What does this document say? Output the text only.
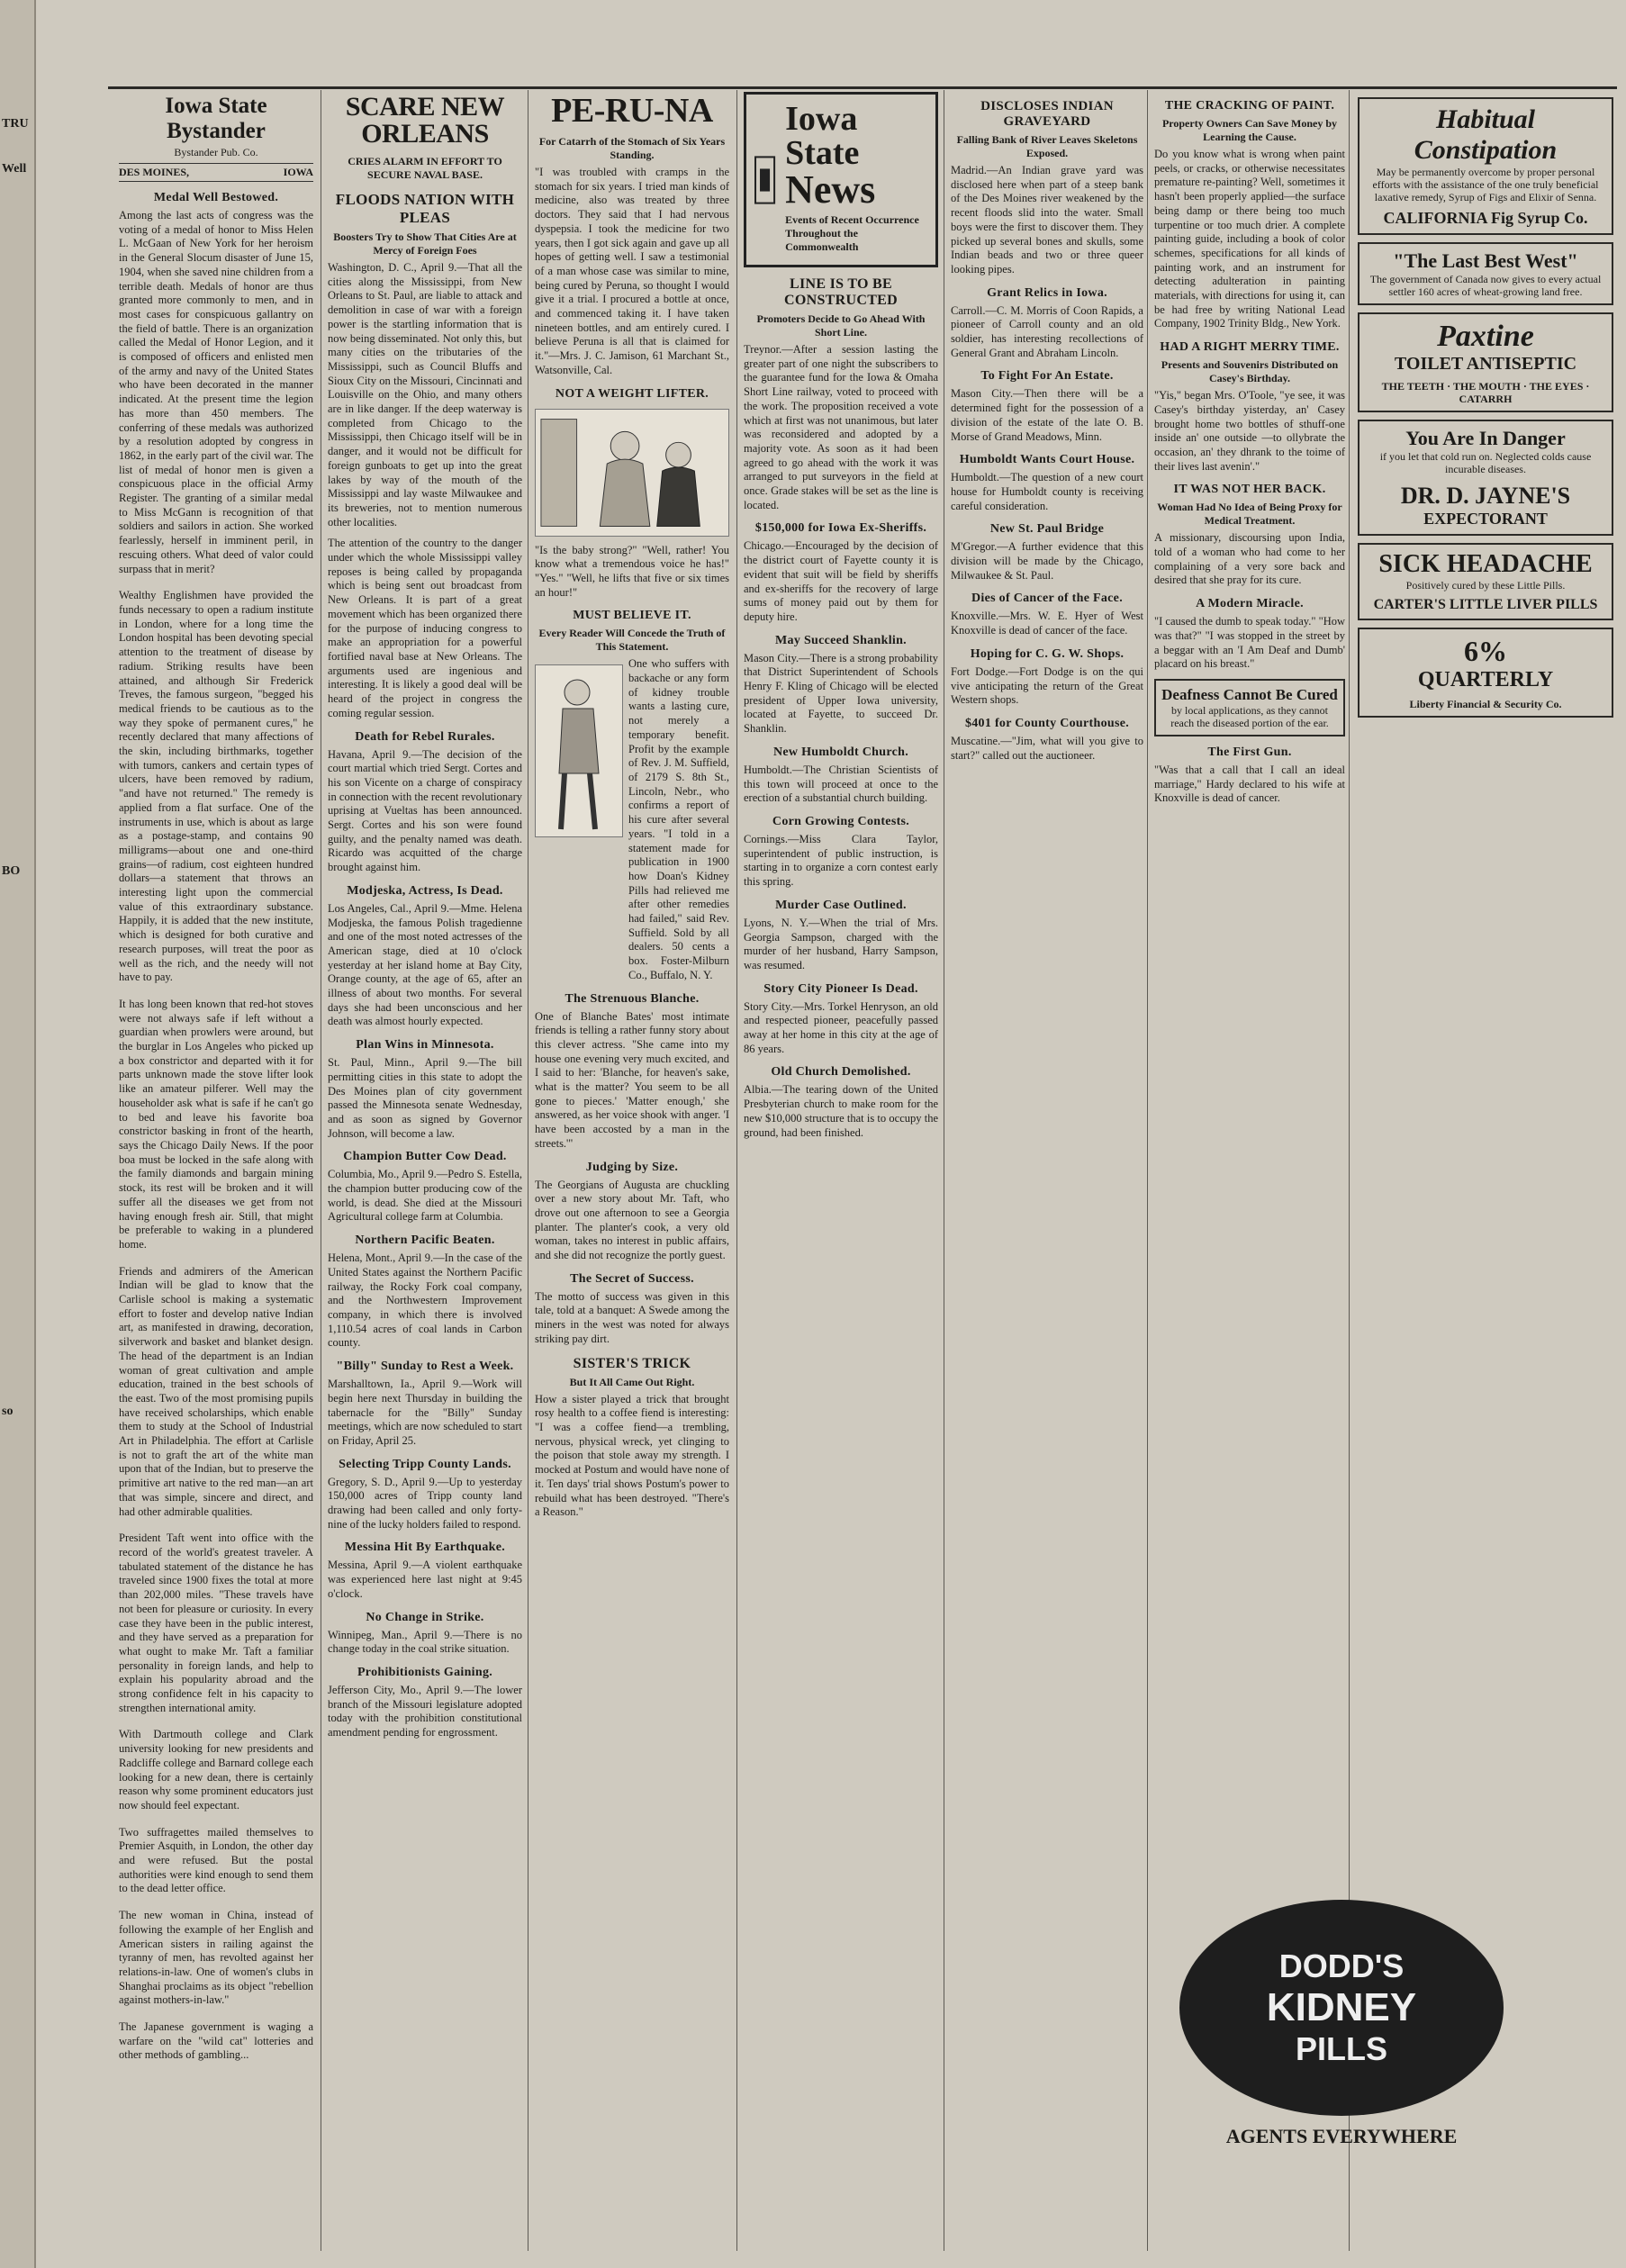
TRU
Well
BO
so
Iowa State Bystander
Bystander Pub. Co.
DES MOINES,	IOWA
Medal Well Bestowed.

Among the last acts of congress was the voting of a medal of honor to Miss Helen L. McGaan of New York for her heroism in the General Slocum disaster of June 15, 1904, when she saved nine children from a terrible death. Medals of honor are thus granted more commonly to men, and in most cases for conspicuous gallantry on the field of battle. There is an organization called the Medal of Honor Legion, and it is composed of officers and enlisted men of the army and navy of the United States who have been decorated in the manner indicated. At the present time the legion has more than 450 members. The conferring of these medals was authorized by a resolution adopted by congress in 1862, in the early part of the civil war. The list of medal of honor men is given a conspicuous place in the official Army Register. The granting of a similar medal to Miss McGann is recognition of that soldiers and sailors in action. She worked fearlessly, herself in imminent peril, in rescuing others. What deed of valor could surpass that in merit?

Wealthy Englishmen have provided the funds necessary to open a radium institute in London, where for a long time the London hospital has been devoting special attention to the treatment of disease by radium. Striking results have been attained, and although Sir Frederick Treves, the famous surgeon, "begged his medical friends to be cautious as to the way they spoke of permanent cures," he recently declared that many affections of the skin, including birthmarks, together with tumors, cankers and certain types of ulcers, have been removed by radium, "and have not returned." The remedy is applied from a flat surface. One of the instruments in use, which is about as large as a postage-stamp, and contains 90 milligrams—about one and one-third grains—of radium, cost eighteen hundred dollars—a statement that throws an interesting light upon the commercial value of this extraordinary substance. Happily, it is added that the new institute, which is designed for both curative and research purposes, will treat the poor as well as the rich, and the needy will not have to pay.

It has long been known that red-hot stoves were not always safe if left without a guardian when prowlers were around, but the burglar in Los Angeles who picked up a box constrictor and departed with it for parts unknown made the stove lifter look like an amateur pilferer. Well may the householder ask what is safe if he can't go to bed and leave his favorite boa constrictor basking in front of the hearth, says the Chicago Daily News. If the poor boa must be locked in the safe along with the family diamonds and bargain mining stock, its rest will be broken and it will suffer all the diseases we get from not having enough fresh air. Still, that might be preferable to waking in a plundered home.

Friends and admirers of the American Indian will be glad to know that the Carlisle school is making a systematic effort to foster and develop native Indian art, as manifested in drawing, decoration, silverwork and basket and blanket design. The head of the department is an Indian woman of great cultivation and ample education, trained in the best schools of the east. Two of the most promising pupils have received scholarships, which enable them to study at the School of Industrial Art in Philadelphia. The effort at Carlisle is not to graft the art of the white man upon that of the Indian, but to preserve the primitive art native to the red man—an art that was simple, sincere and direct, and had other admirable qualities.

President Taft went into office with the record of the world's greatest traveler. A tabulated statement of the distance he has traveled since 1900 fixes the total at more than 202,000 miles. "These travels have not been for pleasure or curiosity. In every case they have been in the public interest, and they have served as a preparation for what ought to make Mr. Taft a familiar personality in foreign lands, and help to explain his popularity abroad and the strong confidence felt in his capacity to strengthen international amity.

With Dartmouth college and Clark university looking for new presidents and Radcliffe college and Barnard college each looking for a new dean, there is certainly reason why some prominent educators just now should feel expectant.

Two suffragettes mailed themselves to Premier Asquith, in London, the other day and were refused. But the postal authorities were kind enough to send them to the dead letter office.

The new woman in China, instead of following the example of her English and American sisters in railing against the tyranny of men, has revolted against her relations-in-law. One of women's clubs in Shanghai proclaims as its object "rebellion against mothers-in-law."

The Japanese government is waging a warfare on the "wild cat" lotteries and other methods of gambling...

SCARE NEW ORLEANS
CRIES ALARM IN EFFORT TO SECURE NAVAL BASE.
FLOODS NATION WITH PLEAS
Boosters Try to Show That Cities Are at Mercy of Foreign Foes

Washington, D. C., April 9.—That all the cities along the Mississippi, from New Orleans to St. Paul, are liable to attack and demolition in case of war with a foreign power is the startling information that is now being disseminated. Not only this, but many cities on the tributaries of the Mississippi, such as Council Bluffs and Sioux City on the Missouri, Cincinnati and Louisville on the Ohio, and many others are in like danger. If the deep waterway is completed from Chicago to the Mississippi, then Chicago itself will be in danger, and it would not be difficult for foreign gunboats to get up into the great lakes by way of the mouth of the Mississippi and lay waste Milwaukee and its breweries, not to mention numerous other localities.

The attention of the country to the danger under which the whole Mississippi valley reposes is being called by propaganda which is being sent out broadcast from New Orleans. It is part of a great movement which has been organized there for the purpose of inducing congress to make an appropriation for a powerful fortified naval base at New Orleans. The arguments used are ingenious and interesting. It is likely a good deal will be heard of the project in congress the coming regular session.

Death for Rebel Rurales.

Havana, April 9.—The decision of the court martial which tried Sergt. Cortes and his son Vicente on a charge of conspiracy in connection with the recent revolutionary uprising at Vueltas has been announced. Sergt. Cortes and his son were found guilty, and the penalty named was death. Ricardo was acquitted of the charge brought against him.

Modjeska, Actress, Is Dead.

Los Angeles, Cal., April 9.—Mme. Helena Modjeska, the famous Polish tragedienne and one of the most noted actresses of the American stage, died at 10 o'clock yesterday at her island home at Bay City, Orange county, at the age of 65, after an illness of about two months. For several days she had been unconscious and her death was almost hourly expected.

Plan Wins in Minnesota.

St. Paul, Minn., April 9.—The bill permitting cities in this state to adopt the Des Moines plan of city government passed the Minnesota senate Wednesday, and as soon as signed by Governor Johnson, will become a law.

Champion Butter Cow Dead.

Columbia, Mo., April 9.—Pedro S. Estella, the champion butter producing cow of the world, is dead. She died at the Missouri Agricultural college farm at Columbia.

Northern Pacific Beaten.

Helena, Mont., April 9.—In the case of the United States against the Northern Pacific railway, the Rocky Fork coal company, and the Northwestern Improvement company, in which there is involved 1,110.54 acres of coal lands in Carbon county.

"Billy" Sunday to Rest a Week.

Marshalltown, Ia., April 9.—Work will begin here next Thursday in building the tabernacle for the "Billy" Sunday meetings, which are now scheduled to start on Friday, April 25.

Selecting Tripp County Lands.

Gregory, S. D., April 9.—Up to yesterday 150,000 acres of Tripp county land drawing had been called and only forty-nine of the lucky holders failed to respond.

Messina Hit By Earthquake.

Messina, April 9.—A violent earthquake was experienced here last night at 9:45 o'clock.

No Change in Strike.

Winnipeg, Man., April 9.—There is no change today in the coal strike situation.

Prohibitionists Gaining.

Jefferson City, Mo., April 9.—The lower branch of the Missouri legislature adopted today with the prohibition constitutional amendment pending for engrossment.

PE-RU-NA
For Catarrh of the Stomach of Six Years Standing.

"I was troubled with cramps in the stomach for six years. I tried man kinds of medicine, also was treated by three doctors. They said that I had nervous dyspepsia. I took the medicine for two years, then I got sick again and gave up all hopes of getting well. I saw a testimonial of a man whose case was similar to mine, being cured by Peruna, so thought I would give it a trial. I procured a bottle at once, and commenced taking it. I have taken nineteen bottles, and am entirely cured. I believe Peruna is all that is claimed for it."—Mrs. J. C. Jamison, 61 Marchant St., Watsonville, Cal.

NOT A WEIGHT LIFTER.

"Is the baby strong?" "Well, rather! You know what a tremendous voice he has!" "Yes." "Well, he lifts that five or six times an hour!"

MUST BELIEVE IT.
Every Reader Will Concede the Truth of This Statement.

One who suffers with backache or any form of kidney trouble wants a lasting cure, not merely a temporary benefit. Profit by the example of Rev. J. M. Suffield, of 2179 S. 8th St., Lincoln, Nebr., who confirms a report of his cure after several years. "I told in a statement made for publication in 1900 how Doan's Kidney Pills had relieved me after other remedies had failed," said Rev. Suffield. Sold by all dealers. 50 cents a box. Foster-Milburn Co., Buffalo, N. Y.

The Strenuous Blanche.

One of Blanche Bates' most intimate friends is telling a rather funny story about this clever actress. "She came into my house one evening very much excited, and I said to her: 'Blanche, for heaven's sake, what is the matter? You seem to be all gone to pieces.' 'Matter enough,' she answered, as her voice shook with anger. 'I have been accosted by a man in the streets.'"

Judging by Size.

The Georgians of Augusta are chuckling over a new story about Mr. Taft, who drove out one afternoon to see a Georgia planter. The planter's cook, a very old woman, takes no interest in public affairs, and she did not recognize the portly guest.

The Secret of Success.

The motto of success was given in this tale, told at a banquet: A Swede among the miners in the west was noted for always striking pay dirt.

SISTER'S TRICK
But It All Came Out Right.

How a sister played a trick that brought rosy health to a coffee fiend is interesting: "I was a coffee fiend—a trembling, nervous, physical wreck, yet clinging to the poison that stole away my strength. I mocked at Postum and would have none of it. Ten days' trial shows Postum's power to rebuild what has been destroyed. "There's a Reason."

Iowa State
News
Events of Recent Occurrence Throughout the Commonwealth
LINE IS TO BE CONSTRUCTED
Promoters Decide to Go Ahead With Short Line.

Treynor.—After a session lasting the greater part of one night the subscribers to the guarantee fund for the Iowa & Omaha Short Line railway, voted to proceed with the work. The proposition received a vote which at first was not unanimous, but later was reconsidered and adopted by a majority vote. As soon as it had been agreed to go ahead with the work it was arranged to put surveyors in the field at once. Grade stakes will be set as the line is located.

$150,000 for Iowa Ex-Sheriffs.

Chicago.—Encouraged by the decision of the district court of Fayette county it is evident that suit will be field by sheriffs and ex-sheriffs for the recovery of large sums of money paid out by them for deputy hire.

May Succeed Shanklin.

Mason City.—There is a strong probability that District Superintendent of Schools Henry F. Kling of Chicago will be elected president of Upper Iowa university, located at Fayette, to succeed Dr. Shanklin.

New Humboldt Church.

Humboldt.—The Christian Scientists of this town will proceed at once to the erection of a substantial church building.

Corn Growing Contests.

Cornings.—Miss Clara Taylor, superintendent of public instruction, is starting in to organize a corn contest early this spring.

Murder Case Outlined.

Lyons, N. Y.—When the trial of Mrs. Georgia Sampson, charged with the murder of her husband, Harry Sampson, was resumed.

Story City Pioneer Is Dead.

Story City.—Mrs. Torkel Henryson, an old and respected pioneer, peacefully passed away at her home in this city at the age of 86 years.

Old Church Demolished.

Albia.—The tearing down of the United Presbyterian church to make room for the new $10,000 structure that is to occupy the ground, had been finished.

DISCLOSES INDIAN GRAVEYARD
Falling Bank of River Leaves Skeletons Exposed.

Madrid.—An Indian grave yard was disclosed here when part of a steep bank of the Des Moines river weakened by the recent floods slid into the water. Small boys were the first to discover them. They picked up several bones and skulls, some Indian beads and two or three queer looking pipes.

Grant Relics in Iowa.

Carroll.—C. M. Morris of Coon Rapids, a pioneer of Carroll county and an old soldier, has interesting recollections of General Grant and Abraham Lincoln.

To Fight For An Estate.

Mason City.—Then there will be a determined fight for the possession of a division of the estate of the late O. B. Morse of Grand Meadows, Minn.

Humboldt Wants Court House.

Humboldt.—The question of a new court house for Humboldt county is receiving careful consideration.

New St. Paul Bridge

M'Gregor.—A further evidence that this division will be made by the Chicago, Milwaukee & St. Paul.

Dies of Cancer of the Face.

Knoxville.—Mrs. W. E. Hyer of West Knoxville is dead of cancer of the face.

Hoping for C. G. W. Shops.

Fort Dodge.—Fort Dodge is on the qui vive anticipating the return of the Great Western shops.

$401 for County Courthouse.

Muscatine.—"Jim, what will you give to start?" called out the auctioneer.

THE CRACKING OF PAINT.
Property Owners Can Save Money by Learning the Cause.

Do you know what is wrong when paint peels, or cracks, or otherwise necessitates premature re-painting? Well, sometimes it hasn't been properly applied—the surface being damp or there being too much turpentine or too much drier. A complete painting guide, including a book of color schemes, specifications for all kinds of painting work, and an instrument for detecting adulteration in painting materials, with directions for using it, can be had free by writing National Lead Company, 1902 Trinity Bldg., New York.

HAD A RIGHT MERRY TIME.
Presents and Souvenirs Distributed on Casey's Birthday.

"Yis," began Mrs. O'Toole, "ye see, it was Casey's birthday yisterday, an' Casey brought home two bottles of sthuff-one inside an' one outside —to ollybrate the occasion, an' they dhrank to the toime of their lives last avenin'."

IT WAS NOT HER BACK.
Woman Had No Idea of Being Proxy for Medical Treatment.

A missionary, discoursing upon India, told of a woman who had come to her complaining of a very sore back and desired that she pray for its cure.

A Modern Miracle.

"I caused the dumb to speak today." "How was that?" "I was stopped in the street by a beggar with an 'I Am Deaf and Dumb' placard on his breast."

Deafness Cannot Be Cured
by local applications, as they cannot reach the diseased portion of the ear.
The First Gun.

"Was that a call that I call an ideal marriage," Hardy declared to his wife at Knoxville is dead of cancer.

Habitual Constipation
May be permanently overcome by proper personal efforts with the assistance of the one truly beneficial laxative remedy, Syrup of Figs and Elixir of Senna.
CALIFORNIA Fig Syrup Co.
"The Last Best West"
The government of Canada now gives to every actual settler 160 acres of wheat-growing land free.
Paxtine
TOILET ANTISEPTIC
THE TEETH · THE MOUTH · THE EYES · CATARRH
You Are In Danger
if you let that cold run on. Neglected colds cause incurable diseases.
DR. D. JAYNE'S
EXPECTORANT
SICK HEADACHE
Positively cured by these Little Pills.
CARTER'S LITTLE LIVER PILLS
6%
QUARTERLY
Liberty Financial & Security Co.
DODD'S
KIDNEY
PILLS
AGENTS EVERYWHERE
